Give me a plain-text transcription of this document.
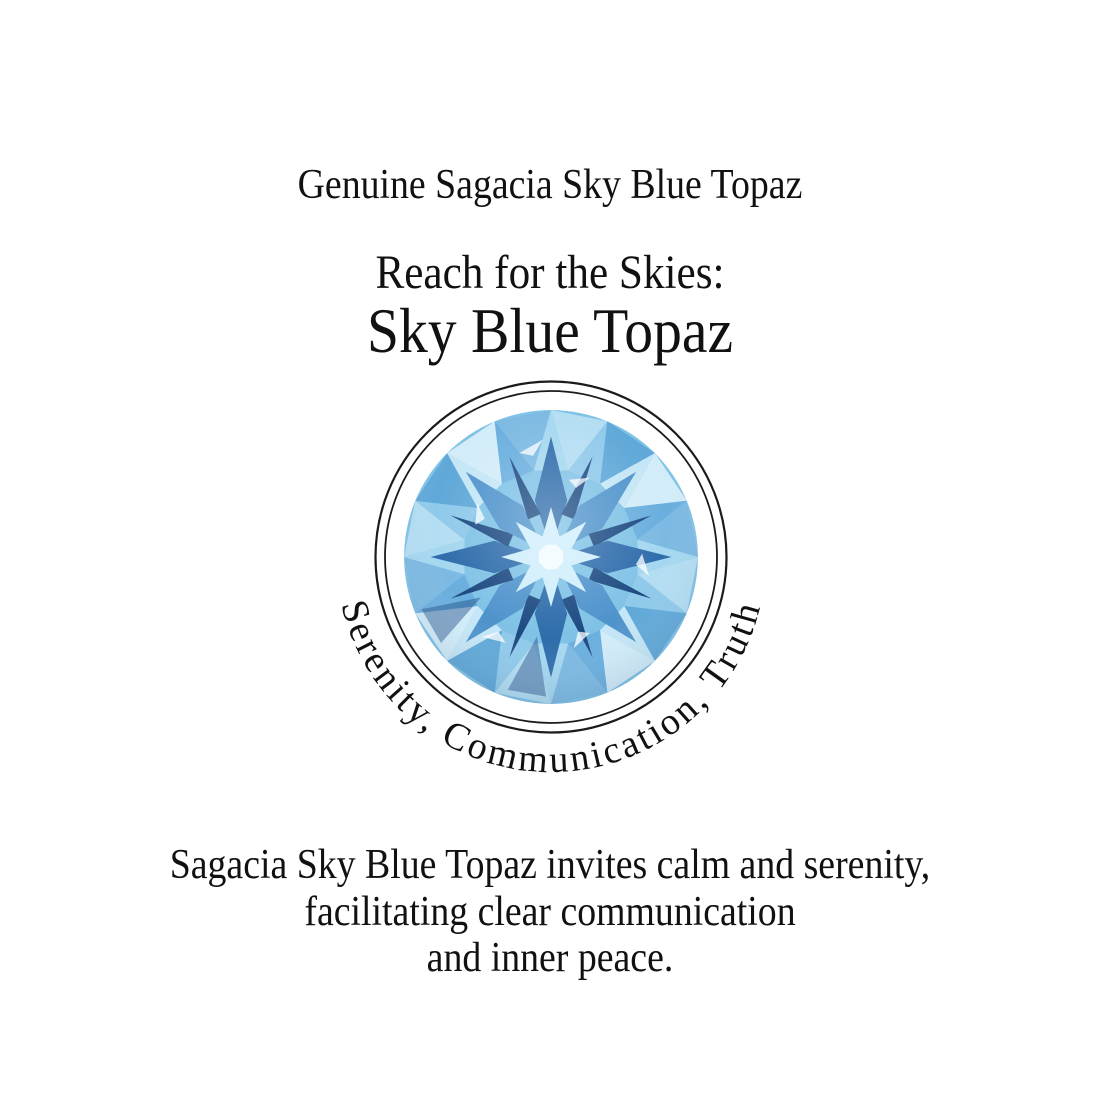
Genuine Sagacia Sky Blue Topaz
Reach for the Skies:
Sky Blue Topaz
Serenity, Communication, Truth
Sagacia Sky Blue Topaz invites calm and serenity,
facilitating clear communication
and inner peace.
